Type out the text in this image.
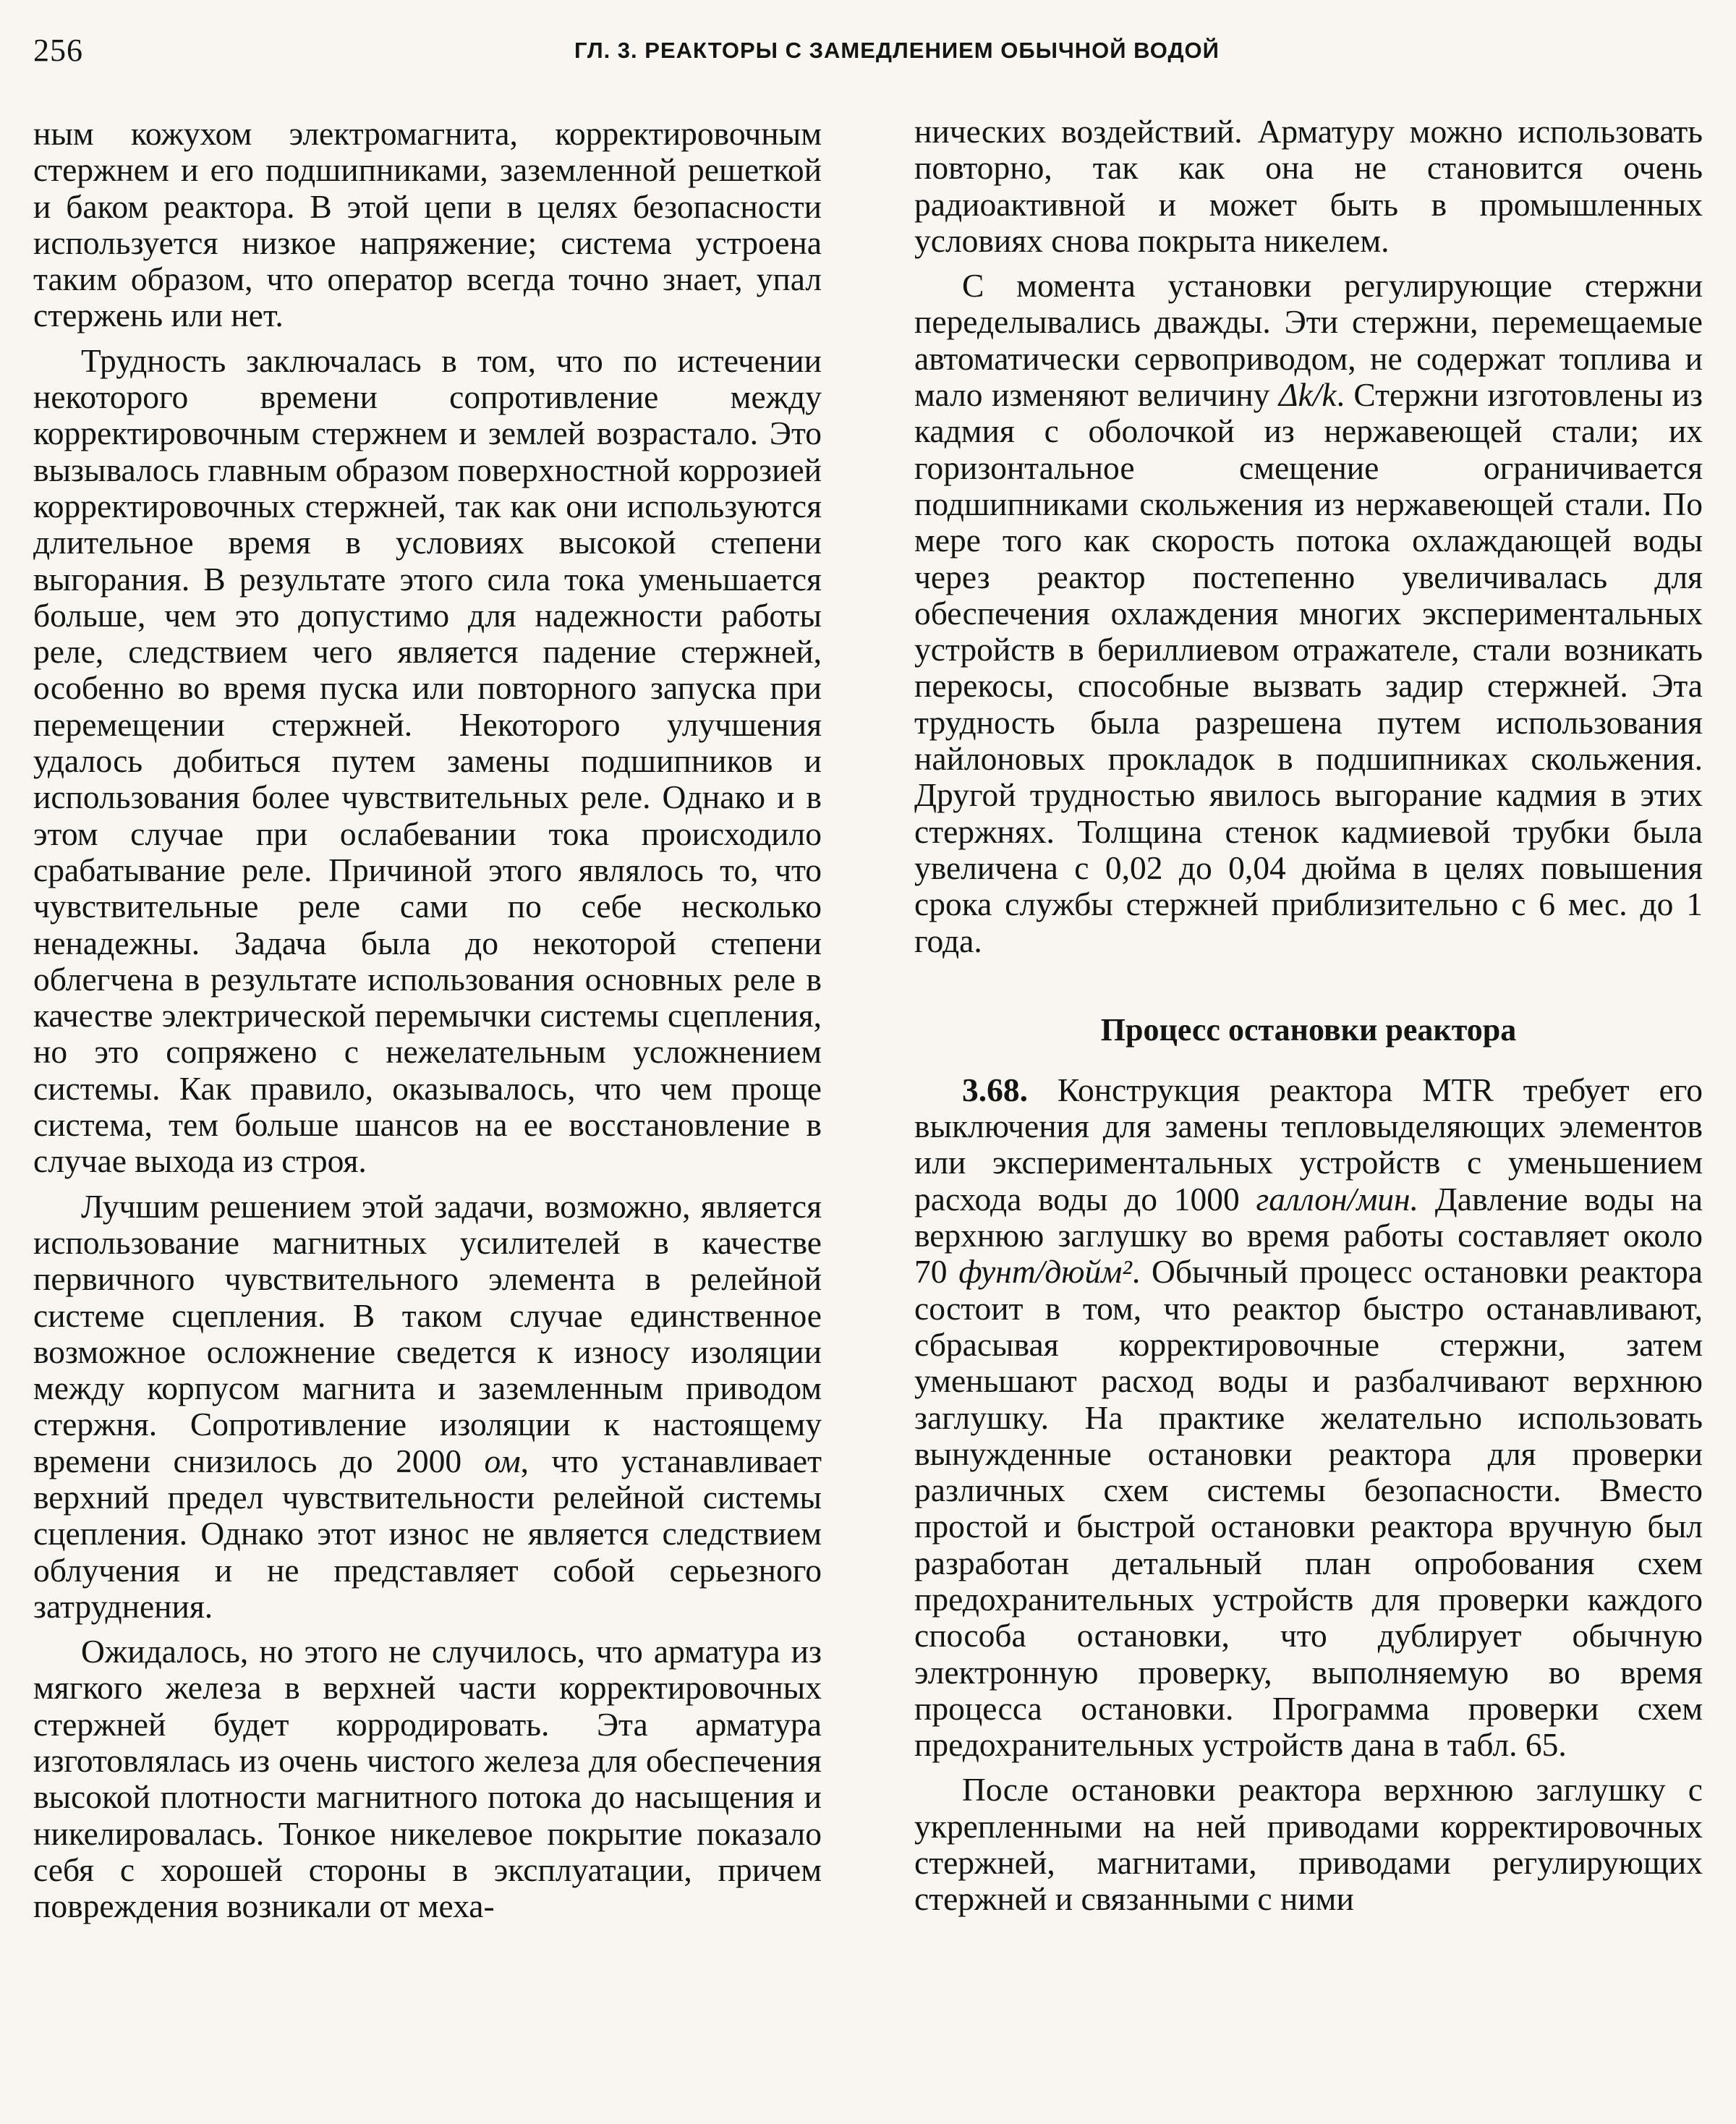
256	ГЛ. 3. РЕАКТОРЫ С ЗАМЕДЛЕНИЕМ ОБЫЧНОЙ ВОДОЙ

ным кожухом электромагнита, корректировочным стержнем и его подшипниками, заземленной решеткой и баком реактора. В этой цепи в целях безопасности используется низкое напряжение; система устроена таким образом, что оператор всегда точно знает, упал стержень или нет.

Трудность заключалась в том, что по истечении некоторого времени сопротивление между корректировочным стержнем и землей возрастало. Это вызывалось главным образом поверхностной коррозией корректировочных стержней, так как они используются длительное время в условиях высокой степени выгорания. В результате этого сила тока уменьшается больше, чем это допустимо для надежности работы реле, следствием чего является падение стержней, особенно во время пуска или повторного запуска при перемещении стержней. Некоторого улучшения удалось добиться путем замены подшипников и использования более чувствительных реле. Однако и в этом случае при ослабевании тока происходило срабатывание реле. Причиной этого являлось то, что чувствительные реле сами по себе несколько ненадежны. Задача была до некоторой степени облегчена в результате использования основных реле в качестве электрической перемычки системы сцепления, но это сопряжено с нежелательным усложнением системы. Как правило, оказывалось, что чем проще система, тем больше шансов на ее восстановление в случае выхода из строя.

Лучшим решением этой задачи, возможно, является использование магнитных усилителей в качестве первичного чувствительного элемента в релейной системе сцепления. В таком случае единственное возможное осложнение сведется к износу изоляции между корпусом магнита и заземленным приводом стержня. Сопротивление изоляции к настоящему времени снизилось до 2000 ом, что устанавливает верхний предел чувствительности релейной системы сцепления. Однако этот износ не является следствием облучения и не представляет собой серьезного затруднения.

Ожидалось, но этого не случилось, что арматура из мягкого железа в верхней части корректировочных стержней будет корродировать. Эта арматура изготовлялась из очень чистого железа для обеспечения высокой плотности магнитного потока до насыщения и никелировалась. Тонкое никелевое покрытие показало себя с хорошей стороны в эксплуатации, причем повреждения возникали от меха-

нических воздействий. Арматуру можно использовать повторно, так как она не становится очень радиоактивной и может быть в промышленных условиях снова покрыта никелем.

С момента установки регулирующие стержни переделывались дважды. Эти стержни, перемещаемые автоматически сервоприводом, не содержат топлива и мало изменяют величину Δk/k. Стержни изготовлены из кадмия с оболочкой из нержавеющей стали; их горизонтальное смещение ограничивается подшипниками скольжения из нержавеющей стали. По мере того как скорость потока охлаждающей воды через реактор постепенно увеличивалась для обеспечения охлаждения многих экспериментальных устройств в бериллиевом отражателе, стали возникать перекосы, способные вызвать задир стержней. Эта трудность была разрешена путем использования найлоновых прокладок в подшипниках скольжения. Другой трудностью явилось выгорание кадмия в этих стержнях. Толщина стенок кадмиевой трубки была увеличена с 0,02 до 0,04 дюйма в целях повышения срока службы стержней приблизительно с 6 мес. до 1 года.

Процесс остановки реактора

3.68. Конструкция реактора MTR требует его выключения для замены тепловыделяющих элементов или экспериментальных устройств с уменьшением расхода воды до 1000 галлон/мин. Давление воды на верхнюю заглушку во время работы составляет около 70 фунт/дюйм². Обычный процесс остановки реактора состоит в том, что реактор быстро останавливают, сбрасывая корректировочные стержни, затем уменьшают расход воды и разбалчивают верхнюю заглушку. На практике желательно использовать вынужденные остановки реактора для проверки различных схем системы безопасности. Вместо простой и быстрой остановки реактора вручную был разработан детальный план опробования схем предохранительных устройств для проверки каждого способа остановки, что дублирует обычную электронную проверку, выполняемую во время процесса остановки. Программа проверки схем предохранительных устройств дана в табл. 65.

После остановки реактора верхнюю заглушку с укрепленными на ней приводами корректировочных стержней, магнитами, приводами регулирующих стержней и связанными с ними
